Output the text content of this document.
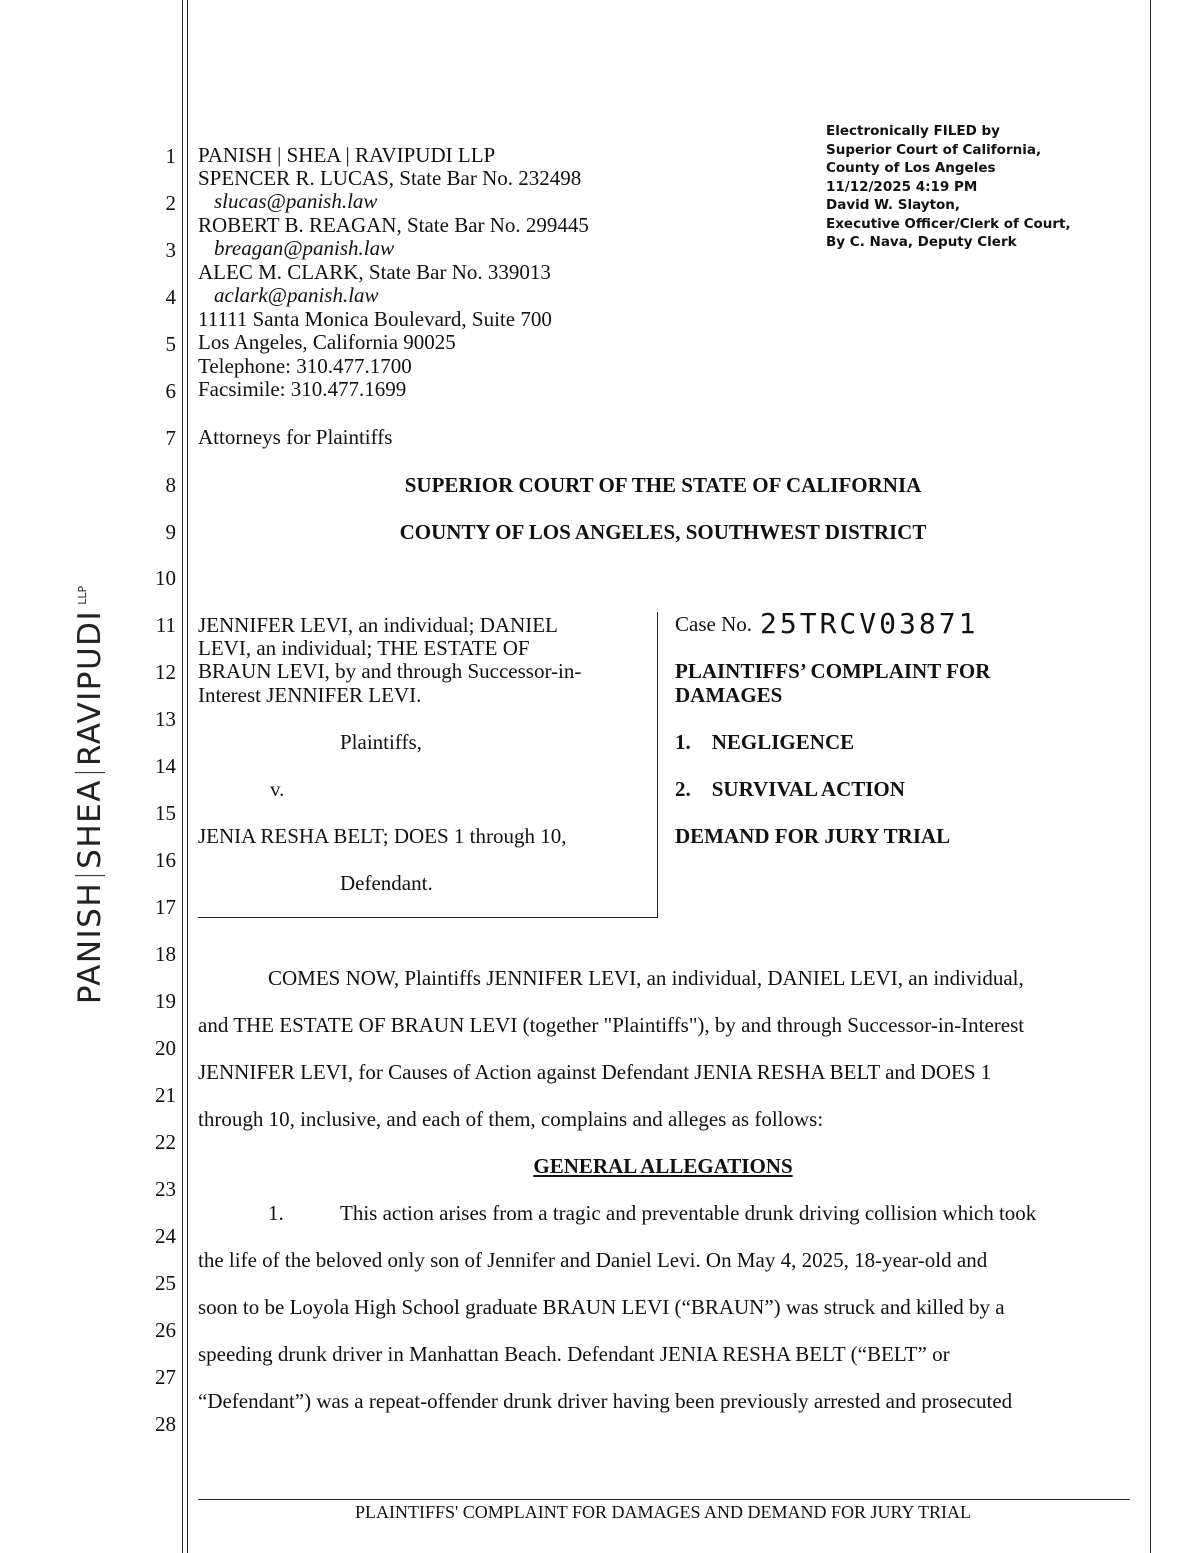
$PANISHSHEARAVIPUDI^{LLP}$
1
2
3
4
5
6
7
8
9
10
11
12
13
14
15
16
17
18
19
20
21
22
23
24
25
26
27
28
PANISH | SHEA | RAVIPUDI LLP
SPENCER R. LUCAS, State Bar No. 232498
slucas@panish.law
ROBERT B. REAGAN, State Bar No. 299445
breagan@panish.law
ALEC M. CLARK, State Bar No. 339013
aclark@panish.law
11111 Santa Monica Boulevard, Suite 700
Los Angeles, California 90025
Telephone: 310.477.1700
Facsimile: 310.477.1699
Attorneys for Plaintiffs
Electronically FILED by
Superior Court of California,
County of Los Angeles
11/12/2025 4:19 PM
David W. Slayton,
Executive Officer/Clerk of Court,
By C. Nava, Deputy Clerk
SUPERIOR COURT OF THE STATE OF CALIFORNIA
COUNTY OF LOS ANGELES, SOUTHWEST DISTRICT
JENNIFER LEVI, an individual; DANIEL
LEVI, an individual; THE ESTATE OF
BRAUN LEVI, by and through Successor-in-
Interest JENNIFER LEVI.
Plaintiffs,
v.
JENIA RESHA BELT; DOES 1 through 10,
Defendant.
Case No. 25TRCV03871
PLAINTIFFS’ COMPLAINT FOR
DAMAGES
1. NEGLIGENCE
2. SURVIVAL ACTION
DEMAND FOR JURY TRIAL
COMES NOW, Plaintiffs JENNIFER LEVI, an individual, DANIEL LEVI, an individual,
and THE ESTATE OF BRAUN LEVI (together "Plaintiffs"), by and through Successor-in-Interest
JENNIFER LEVI, for Causes of Action against Defendant JENIA RESHA BELT and DOES 1
through 10, inclusive, and each of them, complains and alleges as follows:
GENERAL ALLEGATIONS
1.	This action arises from a tragic and preventable drunk driving collision which took
the life of the beloved only son of Jennifer and Daniel Levi. On May 4, 2025, 18-year-old and
soon to be Loyola High School graduate BRAUN LEVI (“BRAUN”) was struck and killed by a
speeding drunk driver in Manhattan Beach. Defendant JENIA RESHA BELT (“BELT” or
“Defendant”) was a repeat-offender drunk driver having been previously arrested and prosecuted
PLAINTIFFS' COMPLAINT FOR DAMAGES AND DEMAND FOR JURY TRIAL
